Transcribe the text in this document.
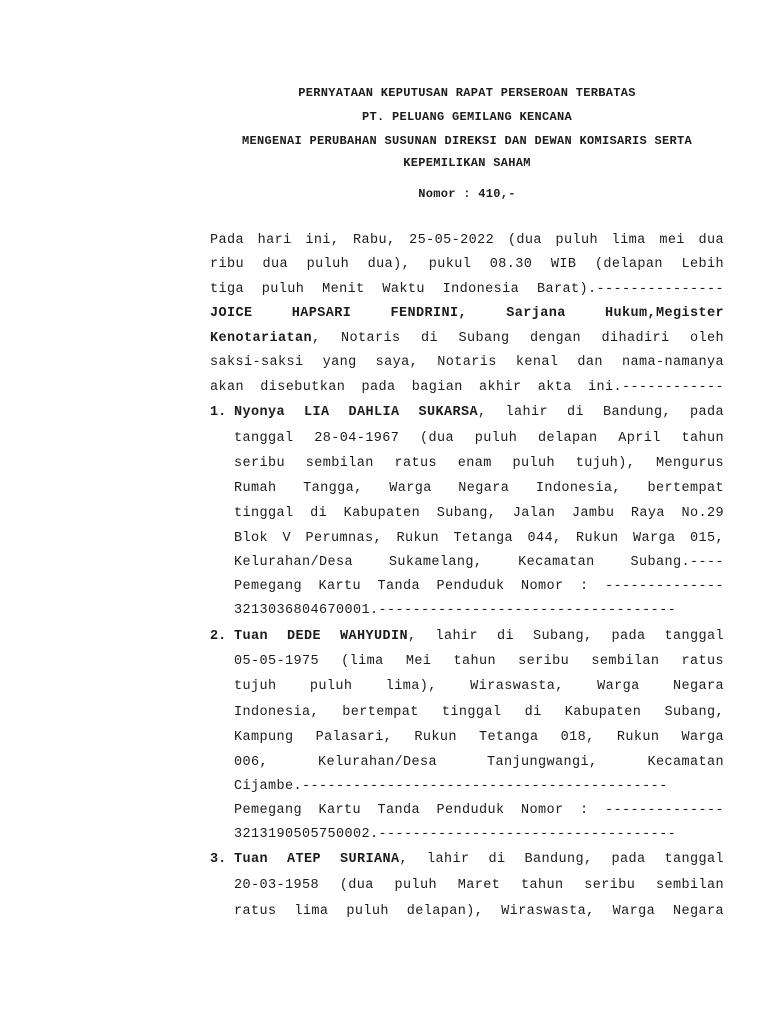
PERNYATAAN KEPUTUSAN RAPAT PERSEROAN TERBATAS
PT. PELUANG GEMILANG KENCANA
MENGENAI PERUBAHAN SUSUNAN DIREKSI DAN DEWAN KOMISARIS SERTA
KEPEMILIKAN SAHAM
Nomor : 410,-
Pada hari ini, Rabu, 25-05-2022 (dua puluh lima mei dua
ribu dua puluh dua), pukul 08.30 WIB (delapan Lebih
tiga puluh Menit Waktu Indonesia Barat).---------------
JOICE	HAPSARI	FENDRINI,	Sarjana	Hukum,Megister
Kenotariatan, Notaris di Subang dengan dihadiri oleh
saksi-saksi yang saya, Notaris kenal dan nama-namanya
akan disebutkan pada bagian akhir akta ini.------------
1. Nyonya LIA DAHLIA SUKARSA, lahir di Bandung, pada
tanggal 28-04-1967 (dua puluh delapan April tahun
seribu sembilan ratus enam puluh tujuh), Mengurus
Rumah Tangga, Warga Negara Indonesia, bertempat
tinggal di Kabupaten Subang, Jalan Jambu Raya No.29
Blok V Perumnas, Rukun Tetanga 044, Rukun Warga 015,
Kelurahan/Desa Sukamelang, Kecamatan Subang.----
Pemegang Kartu Tanda Penduduk Nomor : --------------
3213036804670001.-----------------------------------
2. Tuan DEDE WAHYUDIN, lahir di Subang, pada tanggal
05-05-1975 (lima Mei tahun seribu sembilan ratus
tujuh puluh lima), Wiraswasta, Warga Negara
Indonesia, bertempat tinggal di Kabupaten Subang,
Kampung Palasari, Rukun Tetanga 018, Rukun Warga
006, Kelurahan/Desa Tanjungwangi, Kecamatan
Cijambe.-------------------------------------------
Pemegang Kartu Tanda Penduduk Nomor : --------------
3213190505750002.-----------------------------------
3. Tuan ATEP SURIANA, lahir di Bandung, pada tanggal
20-03-1958 (dua puluh Maret tahun seribu sembilan
ratus lima puluh delapan), Wiraswasta, Warga Negara
